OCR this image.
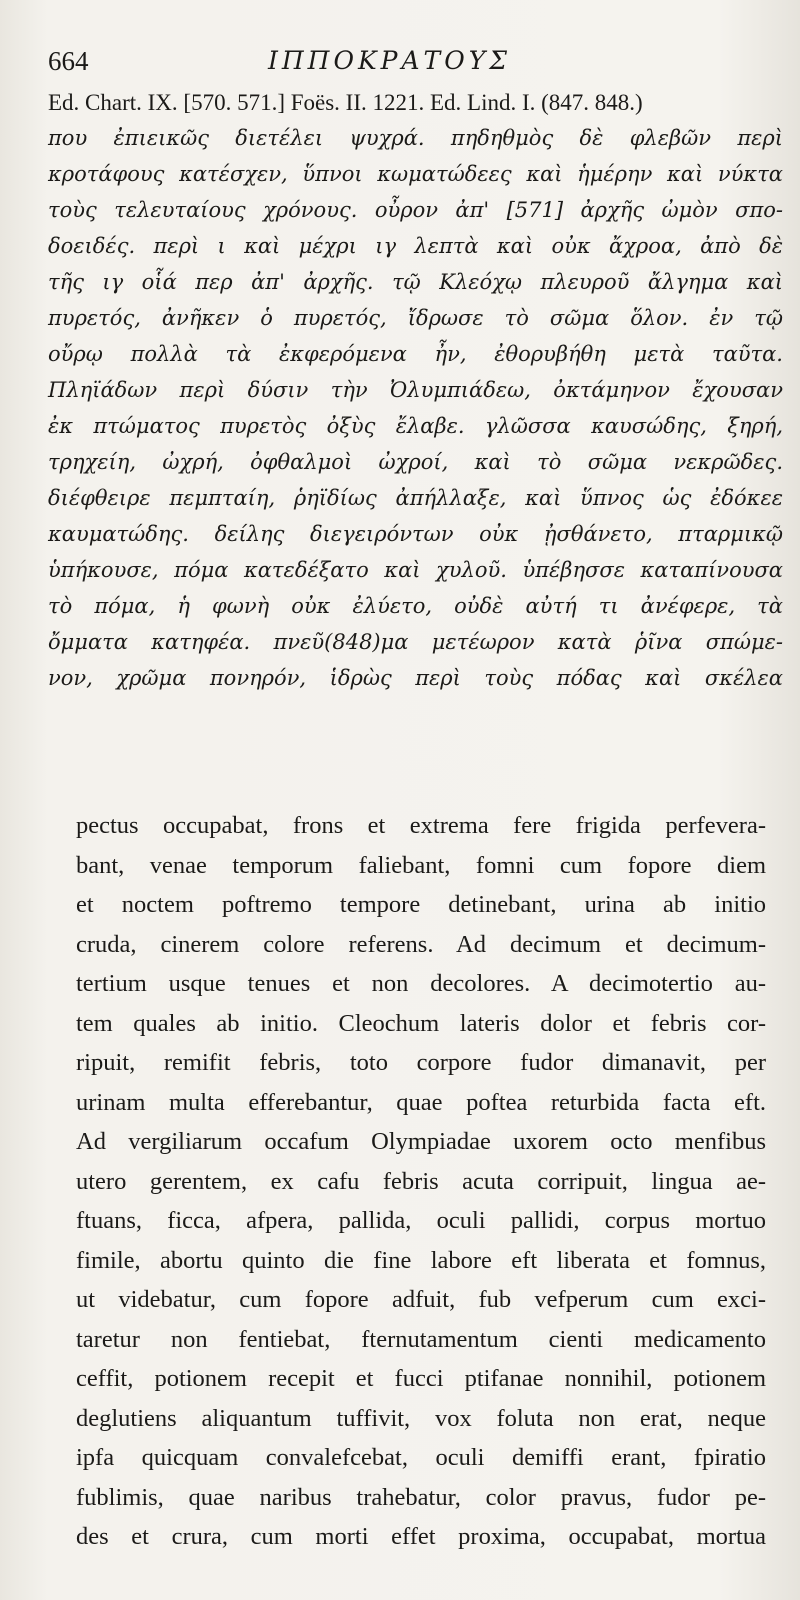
664	ΙΠΠΟΚΡΑΤΟΥΣ
Ed. Chart. IX. [570. 571.] Foës. II. 1221. Ed. Lind. I. (847. 848.)
που ἐπιεικῶς διετέλει ψυχρά. πηδηθμὸς δὲ φλεβῶν περὶ
κροτάφους κατέσχεν, ὕπνοι κωματώδεες καὶ ἡμέρην καὶ νύκτα
τοὺς τελευταίους χρόνους. οὖρον ἀπ' [571] ἀρχῆς ὠμὸν σπο-
δοειδές. περὶ ι καὶ μέχρι ιγ λεπτὰ καὶ οὐκ ἄχροα, ἀπὸ δὲ
τῆς ιγ οἷά περ ἀπ' ἀρχῆς. τῷ Κλεόχῳ πλευροῦ ἄλγημα καὶ
πυρετός, ἀνῆκεν ὁ πυρετός, ἴδρωσε τὸ σῶμα ὅλον. ἐν τῷ
οὔρῳ πολλὰ τὰ ἐκφερόμενα ἦν, ἐθορυβήθη μετὰ ταῦτα.
Πληϊάδων περὶ δύσιν τὴν Ὀλυμπιάδεω, ὀκτάμηνον ἔχουσαν
ἐκ πτώματος πυρετὸς ὀξὺς ἔλαβε. γλῶσσα καυσώδης, ξηρή,
τρηχείη, ὠχρή, ὀφθαλμοὶ ὠχροί, καὶ τὸ σῶμα νεκρῶδες.
διέφθειρε πεμπταίη, ῥηϊδίως ἀπήλλαξε, καὶ ὕπνος ὡς ἐδόκεε
καυματώδης. δείλης διεγειρόντων οὐκ ᾐσθάνετο, πταρμικῷ
ὑπήκουσε, πόμα κατεδέξατο καὶ χυλοῦ. ὑπέβησσε καταπίνουσα
τὸ πόμα, ἡ φωνὴ οὐκ ἐλύετο, οὐδὲ αὐτή τι ἀνέφερε, τὰ
ὄμματα κατηφέα. πνεῦ(848)μα μετέωρον κατὰ ῥῖνα σπώμε-
νον, χρῶμα πονηρόν, ἱδρὼς περὶ τοὺς πόδας καὶ σκέλεα
pectus occupabat, frons et extrema fere frigida perfevera-
bant, venae temporum faliebant, fomni cum fopore diem
et noctem poftremo tempore detinebant, urina ab initio
cruda, cinerem colore referens. Ad decimum et decimum-
tertium usque tenues et non decolores. A decimotertio au-
tem quales ab initio. Cleochum lateris dolor et febris cor-
ripuit, remifit febris, toto corpore fudor dimanavit, per
urinam multa efferebantur, quae poftea returbida facta eft.
Ad vergiliarum occafum Olympiadae uxorem octo menfibus
utero gerentem, ex cafu febris acuta corripuit, lingua ae-
ftuans, ficca, afpera, pallida, oculi pallidi, corpus mortuo
fimile, abortu quinto die fine labore eft liberata et fomnus,
ut videbatur, cum fopore adfuit, fub vefperum cum exci-
taretur non fentiebat, fternutamentum cienti medicamento
ceffit, potionem recepit et fucci ptifanae nonnihil, potionem
deglutiens aliquantum tuffivit, vox foluta non erat, neque
ipfa quicquam convalefcebat, oculi demiffi erant, fpiratio
fublimis, quae naribus trahebatur, color pravus, fudor pe-
des et crura, cum morti effet proxima, occupabat, mortua
